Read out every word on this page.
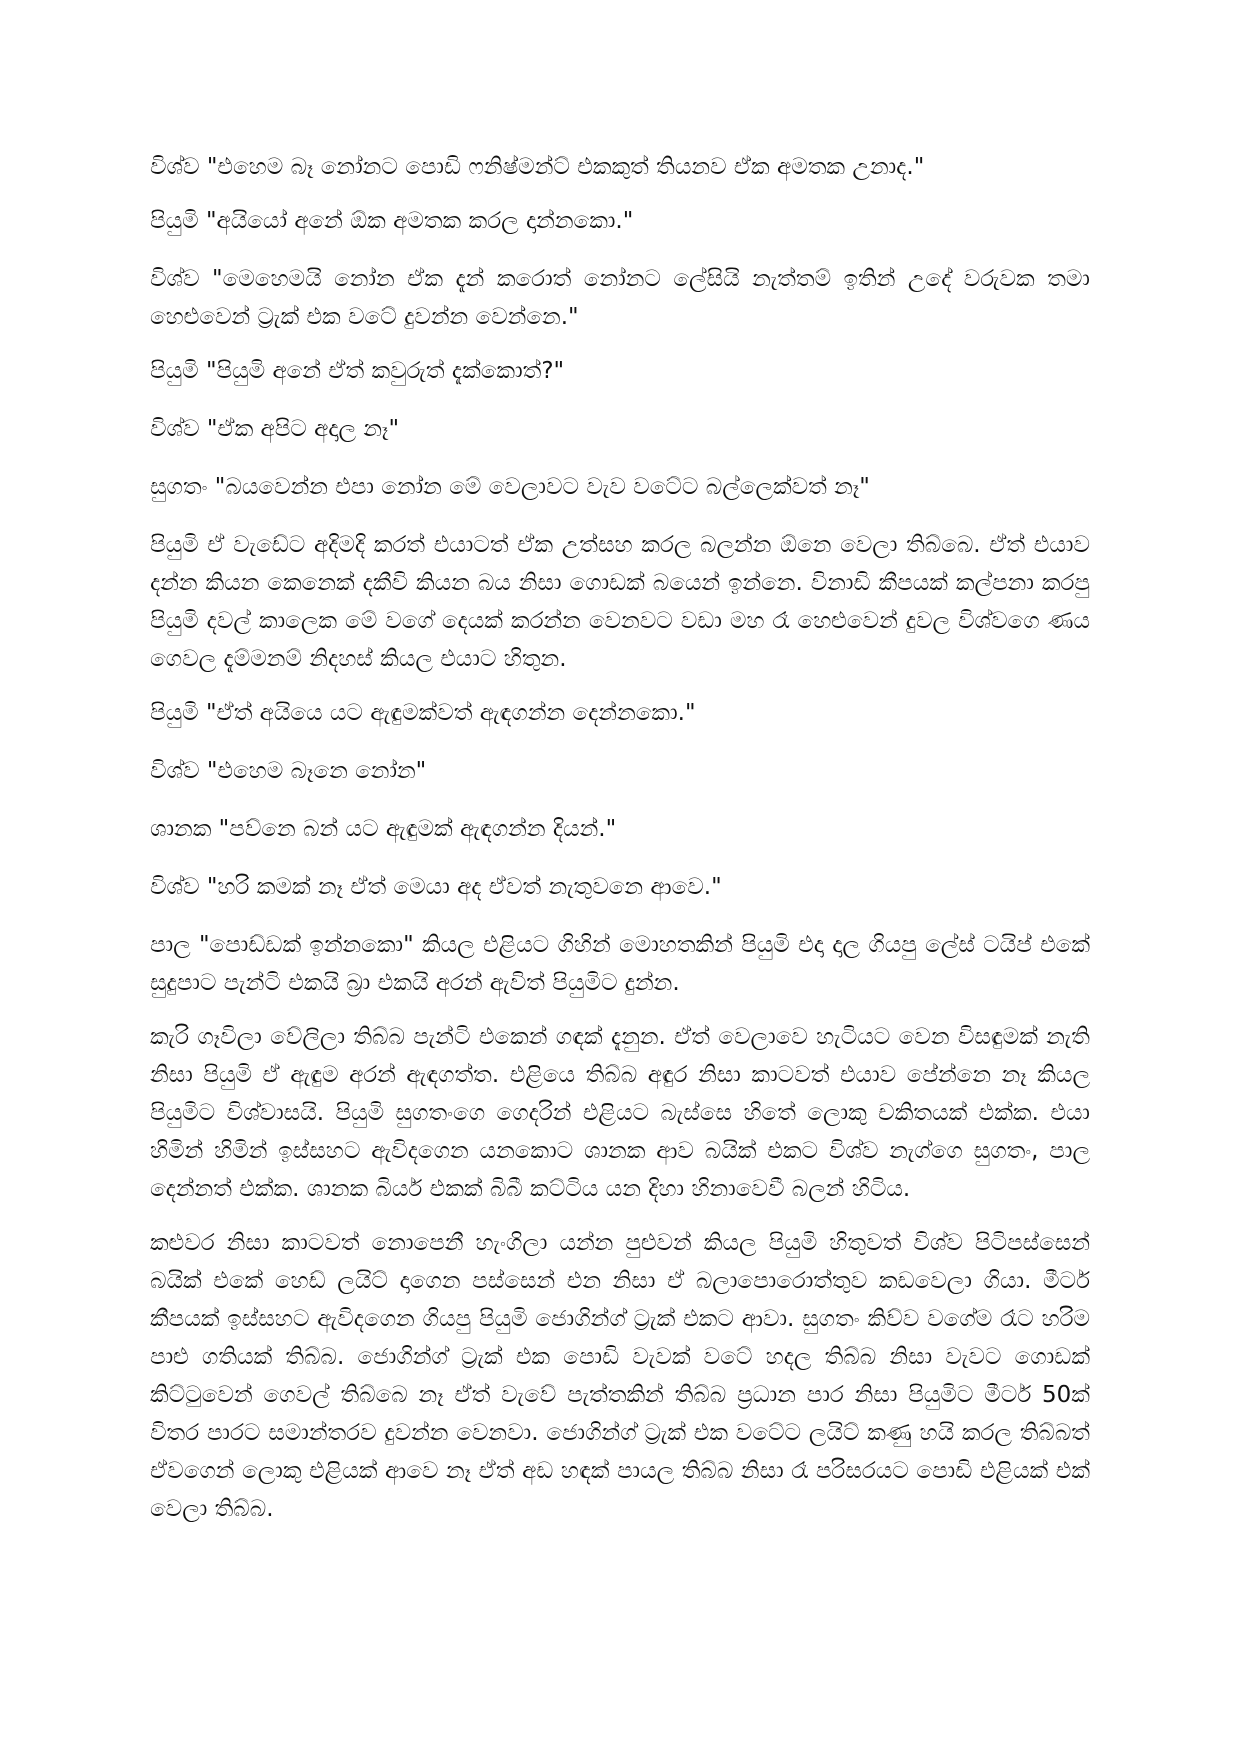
විශ්ව "එහෙම බෑ නෝනට පොඩි ෆනිෂ්මන්ට් එකකුත් තියනව ඒක අමතක උනාද."

පියුමි "අයියෝ අනේ ඕක අමතක කරල දාන්නකො."

විශ්ව "මෙහෙමයි නෝන ඒක දැන් කරොත් නෝනට ලේසියි නැත්තම් ඉතින් උදේ වරුවක තමා හෙළුවෙන් ට්‍රැක් එක වටේ දුවන්න වෙන්නෙ."

පියුමි "පියුමි අනේ ඒත් කවුරුත් දැක්කොත්?"

විශ්ව "ඒක අපිට අදාල නෑ"

සුගතං "බයවෙන්න එපා නෝන මේ වෙලාවට වැව වටේට බල්ලෙක්වත් නෑ"

පියුමි ඒ වැඩේට අදිමදි කරත් එයාටත් ඒක උත්සහ කරල බලන්න ඕනෙ වෙලා තිබ්බෙ. ඒත් එයාව දන්න කියන කෙනෙක් දකීවි කියන බය නිසා ගොඩක් බයෙන් ඉන්නෙ. විනාඩි කීපයක් කල්පනා කරපු පියුමි දවල් කාලෙක මේ වගේ දෙයක් කරන්න වෙනවට වඩා මහ රෑ හෙළුවෙන් දුවල විශ්වගෙ ණය ගෙවල දැම්මනම් නිදහස් කියල එයාට හිතුන.

පියුමි "ඒත් අයියෙ යට ඇඳුමක්වත් ඇඳගන්න දෙන්නකො."

විශ්ව "එහෙම බෑනෙ නෝන"

ශානක "පව්නෙ බන් යට ඇඳුමක් ඇඳගන්න දියන්."

විශ්ව "හරි කමක් නෑ ඒත් මෙයා අද ඒවත් නැතුවනෙ ආවෙ."

පාල "පොඩ්ඩක් ඉන්නකො" කියල එළියට ගිහින් මොහතකින් පියුමි එදා දාල ගියපු ලේස් ටයිප් එකේ සුදුපාට පැන්ටි එකයි බ්‍රා එකයි අරන් ඇවිත් පියුමිට දුන්න.

කැරි ගෑවිලා වේලිලා තිබ්බ පැන්ටි එකෙන් ගඳක් දැනුන. ඒත් වෙලාවෙ හැටියට වෙන විසඳුමක් නැති නිසා පියුමි ඒ ඇඳුම අරන් ඇඳගත්ත. එළියෙ තිබ්බ අඳුර නිසා කාටවත් එයාව පේන්නෙ නෑ කියල පියුමිට විශ්වාසයි. පියුමි සුගතංගෙ ගෙදරින් එළියට බැස්සෙ හිතේ ලොකු චකිතයක් එක්ක. එයා හිමින් හිමින් ඉස්සහට ඇවිදගෙන යනකොට ශානක ආව බයික් එකට විශ්ව නැග්ගෙ සුගතං, පාල දෙන්නත් එක්ක. ශානක බියර් එකක් බිබී කට්ටිය යන දිහා හිනාවෙවී බලන් හිටිය.

කළුවර නිසා කාටවත් නොපෙනී හැංගිලා යන්න පුළුවන් කියල පියුමි හිතුවත් විශ්ව පිටිපස්සෙන් බයික් එකේ හෙඩ් ලයිට් දාගෙන පස්සෙන් එන නිසා ඒ බලාපොරොත්තුව කඩවෙලා ගියා. මීටර් කීපයක් ඉස්සහට ඇවිදගෙන ගියපු පියුමි ජොගින්ග් ට්‍රැක් එකට ආවා. සුගතං කිව්ව වගේම රෑට හරිම පාළු ගතියක් තිබ්බ. ජොගින්ග් ට්‍රැක් එක පොඩි වැවක් වටේ හදල තිබ්බ නිසා වැවට ගොඩක් කිට්ටුවෙන් ගෙවල් තිබ්බෙ නෑ ඒත් වැවේ පැත්තකින් තිබ්බ ප්‍රධාන පාර නිසා පියුමිට මීටර් 50ක් විතර පාරට සමාන්තරව දුවන්න වෙනවා. ජොගින්ග් ට්‍රැක් එක වටේට ලයිට් කණු හයි කරල තිබ්බත් ඒවගෙන් ලොකු එළියක් ආවෙ නෑ ඒත් අඩ හඳක් පායල තිබ්බ නිසා රෑ පරිසරයට පොඩි එළියක් එක් වෙලා තිබ්බ.
